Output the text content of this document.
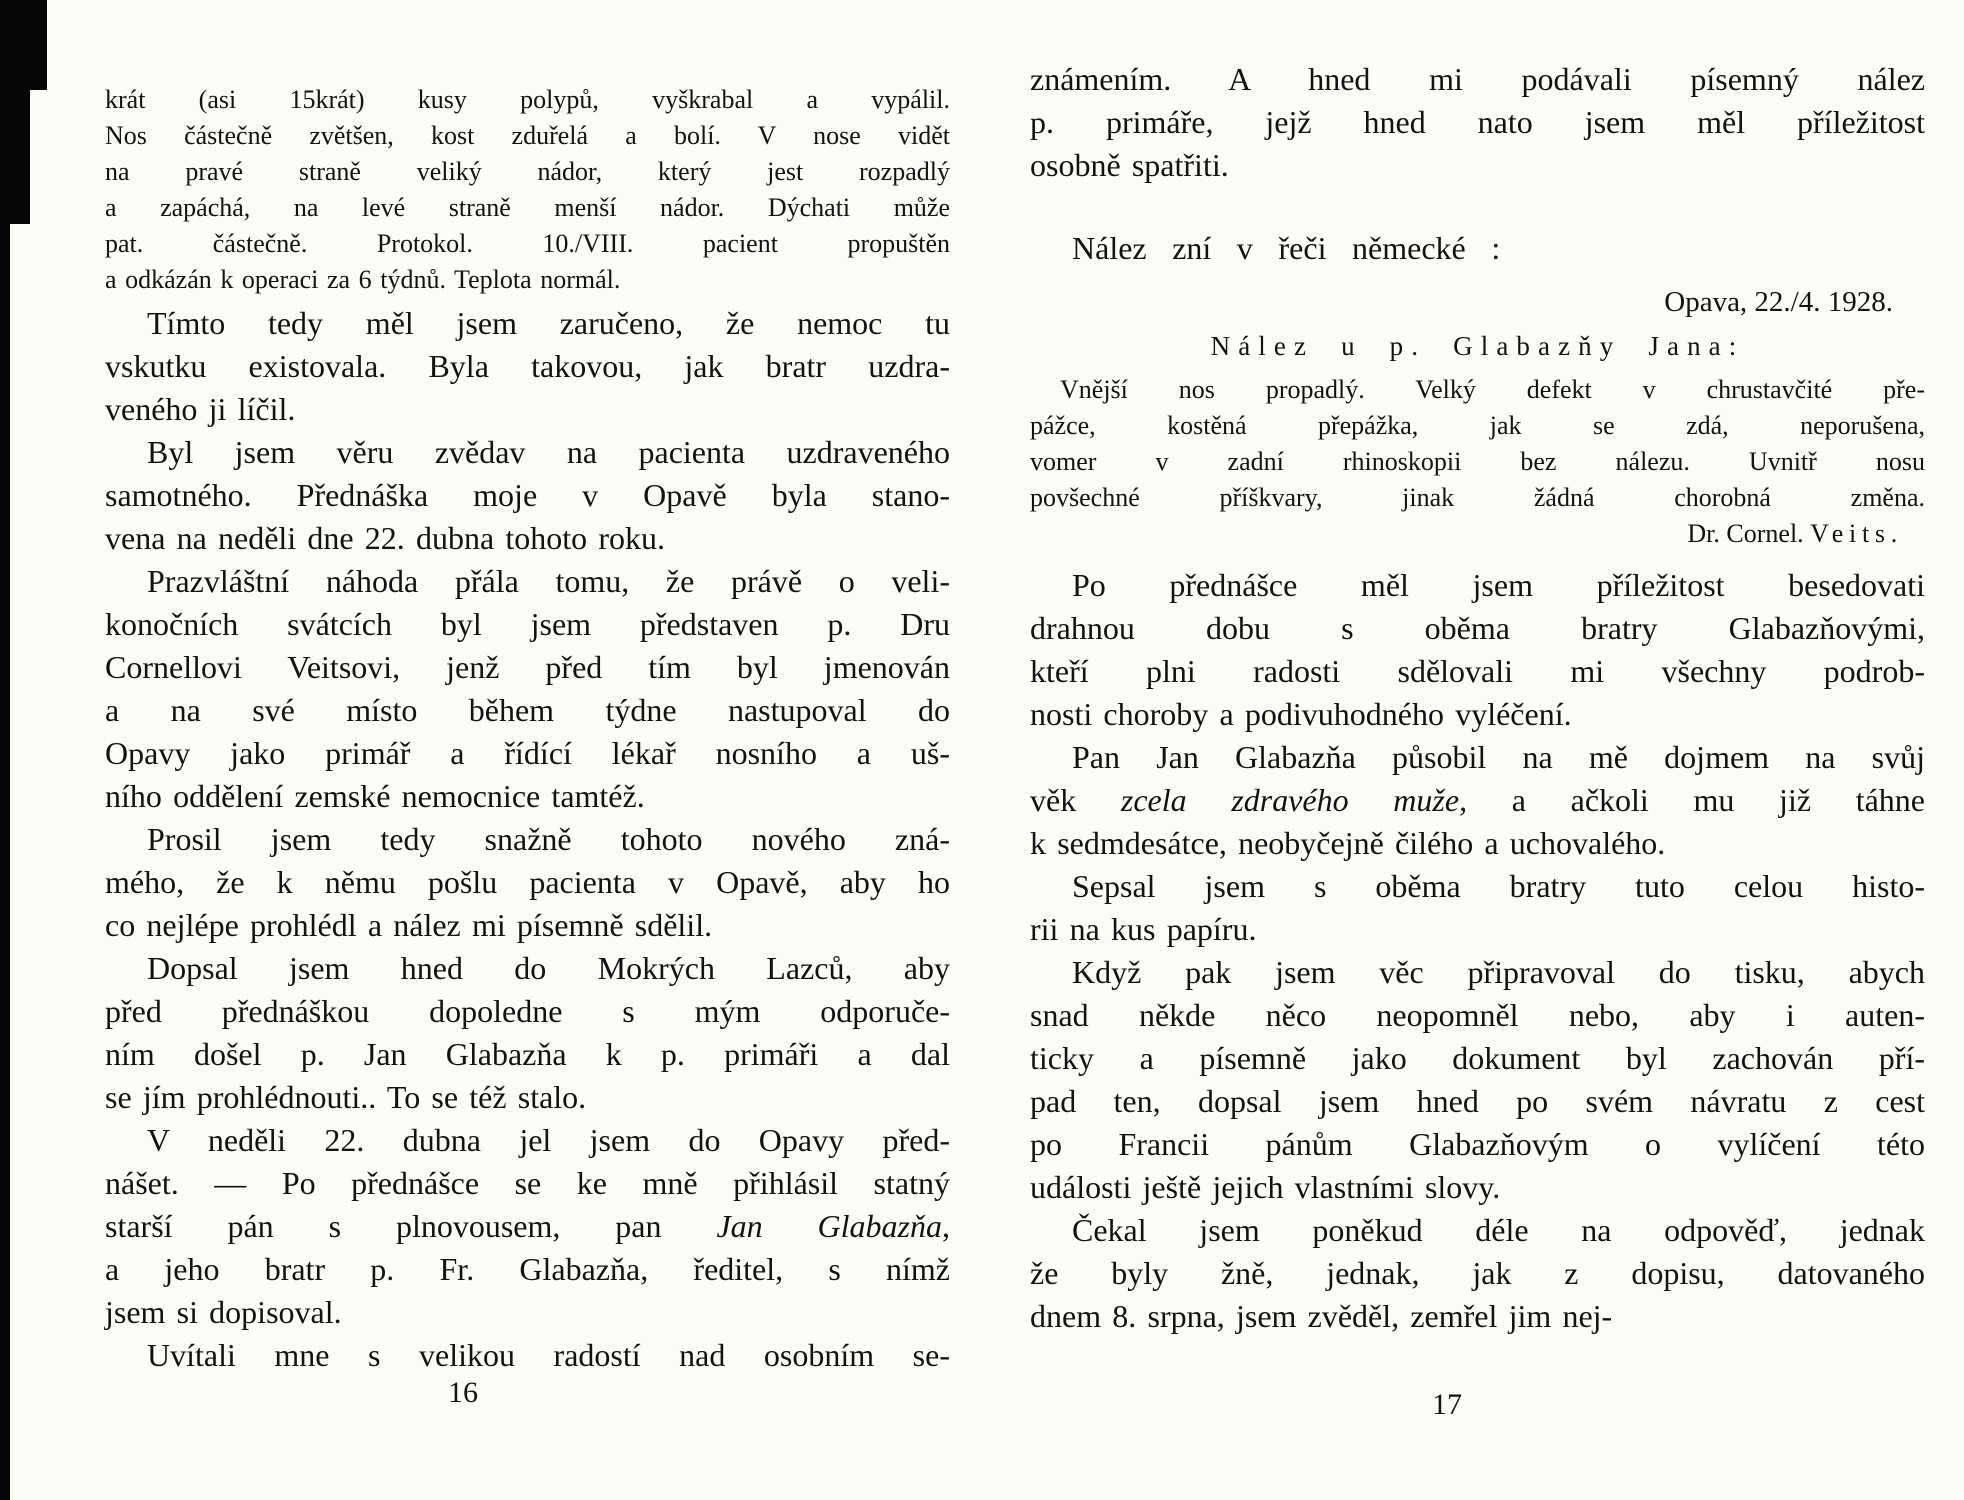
krát (asi 15krát) kusy polypů, vyškrabal a vypálil.
Nos částečně zvětšen, kost zduřelá a bolí. V nose vidět
na pravé straně veliký nádor, který jest rozpadlý
a zapáchá, na levé straně menší nádor. Dýchati může
pat. částečně. Protokol. 10./VIII. pacient propuštěn
a odkázán k operaci za 6 týdnů. Teplota normál.
Tímto tedy měl jsem zaručeno, že nemoc tu
vskutku existovala. Byla takovou, jak bratr uzdra-
veného ji líčil.
Byl jsem věru zvědav na pacienta uzdraveného
samotného. Přednáška moje v Opavě byla stano-
vena na neděli dne 22. dubna tohoto roku.
Prazvláštní náhoda přála tomu, že právě o veli-
konočních svátcích byl jsem představen p. Dru
Cornellovi Veitsovi, jenž před tím byl jmenován
a na své místo během týdne nastupoval do
Opavy jako primář a řídící lékař nosního a uš-
ního oddělení zemské nemocnice tamtéž.
Prosil jsem tedy snažně tohoto nového zná-
mého, že k němu pošlu pacienta v Opavě, aby ho
co nejlépe prohlédl a nález mi písemně sdělil.
Dopsal jsem hned do Mokrých Lazců, aby
před přednáškou dopoledne s mým odporuče-
ním došel p. Jan Glabazňa k p. primáři a dal
se jím prohlédnouti.. To se též stalo.
V neděli 22. dubna jel jsem do Opavy před-
nášet. — Po přednášce se ke mně přihlásil statný
starší pán s plnovousem, pan Jan Glabazňa,
a jeho bratr p. Fr. Glabazňa, ředitel, s nímž
jsem si dopisoval.
Uvítali mne s velikou radostí nad osobním se-
známením. A hned mi podávali písemný nález
p. primáře, jejž hned nato jsem měl příležitost
osobně spatřiti.
Nález zní v řeči německé :
Opava, 22./4. 1928.
Nález u p. Glabazňy Jana:
Vnější nos propadlý. Velký defekt v chrustavčité pře-
pážce, kostěná přepážka, jak se zdá, neporušena,
vomer v zadní rhinoskopii bez nálezu. Uvnitř nosu
povšechné příškvary, jinak žádná chorobná změna.
Dr. Cornel. Veits.
Po přednášce měl jsem příležitost besedovati
drahnou dobu s oběma bratry Glabazňovými,
kteří plni radosti sdělovali mi všechny podrob-
nosti choroby a podivuhodného vyléčení.
Pan Jan Glabazňa působil na mě dojmem na svůj
věk zcela zdravého muže, a ačkoli mu již táhne
k sedmdesátce, neobyčejně čilého a uchovalého.
Sepsal jsem s oběma bratry tuto celou histo-
rii na kus papíru.
Když pak jsem věc připravoval do tisku, abych
snad někde něco neopomněl nebo, aby i auten-
ticky a písemně jako dokument byl zachován pří-
pad ten, dopsal jsem hned po svém návratu z cest
po Francii pánům Glabazňovým o vylíčení této
události ještě jejich vlastními slovy.
Čekal jsem poněkud déle na odpověď, jednak
že byly žně, jednak, jak z dopisu, datovaného
dnem 8. srpna, jsem zvěděl, zemřel jim nej-
16	17
